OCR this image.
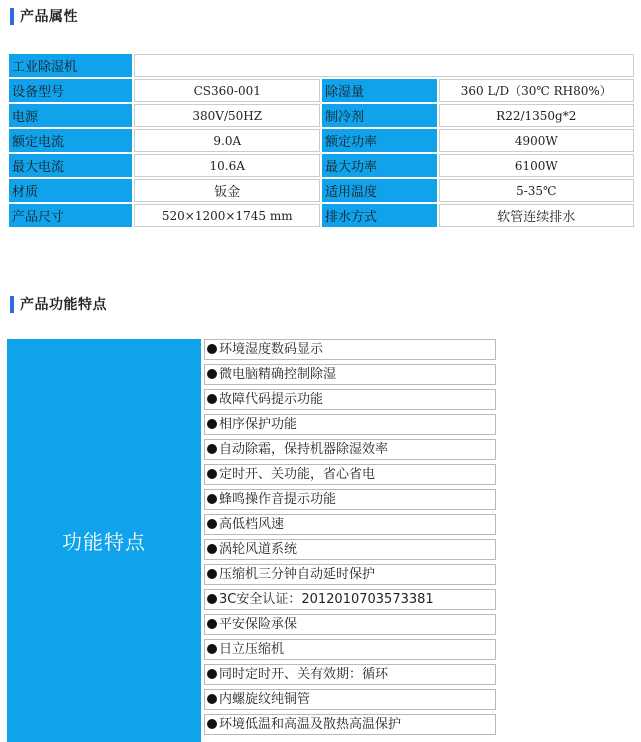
产品属性
工业除湿机			
设备型号	CS360-001	除湿量	360 L/D（30℃ RH80%）
电源	380V/50HZ	制冷剂	R22/1350g*2
额定电流	9.0A	额定功率	4900W
最大电流	10.6A	最大功率	6100W
材质	钣金	适用温度	5-35℃
产品尺寸	520×1200×1745 mm	排水方式	软管连续排水
产品功能特点
功能特点
环境湿度数码显示
微电脑精确控制除湿
故障代码提示功能
相序保护功能
自动除霜，保持机器除湿效率
定时开、关功能，省心省电
蜂鸣操作音提示功能
高低档风速
涡轮风道系统
压缩机三分钟自动延时保护
3C安全认证：2012010703573381
平安保险承保
日立压缩机
同时定时开、关有效期：循环
内螺旋纹纯铜管
环境低温和高温及散热高温保护
